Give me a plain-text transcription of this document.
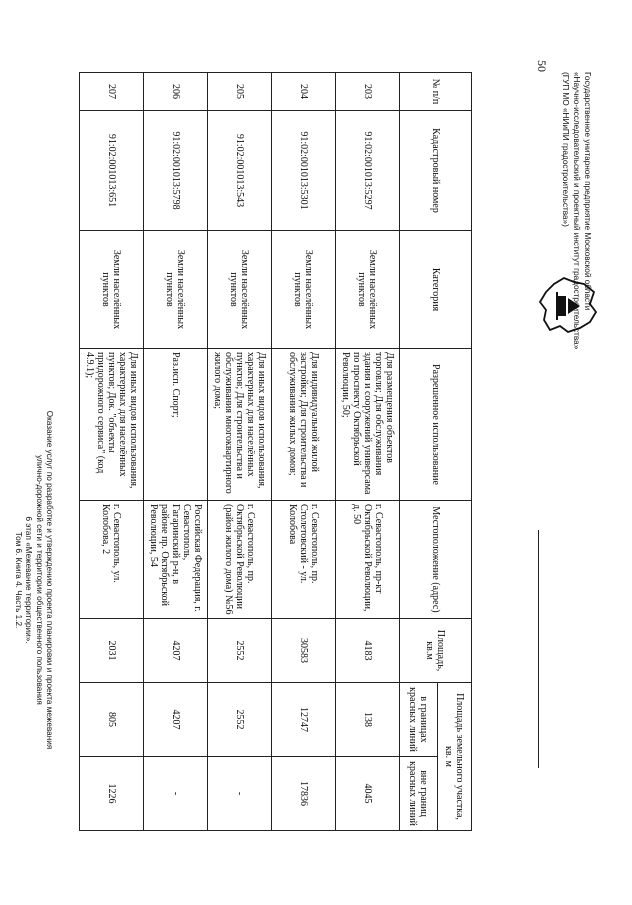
50
Оказание услуг по разработке и утверждению проекта планировки и проекта межевания
улично-дорожной сети и территории общественного пользования
6 этап «Межевание территории».
Том 6. Книга 4. Часть 1.2.
№ п/п	Кадастровый номер	Категория	Разрешенное использование	Местоположение (адрес)	Площадь, кв.м	Площадь земельного участка, кв. м	
						в границах красных линий	вне границ красных линий
203	91:02:001013:5297	Земли населённых пунктов	Для размещения объектов торговли; Для обслуживания здания и сооружений универсама по проспекту Октябрьской Революции, 50;	г. Севастополь, пр-кт Октябрьской Революции, д. 50	4183	138	4045
204	91:02:001013:5301	Земли населённых пунктов	Для индивидуальной жилой застройки; Для строительства и обслуживания жилых домов;	г. Севастополь, пр. Столетовский - ул. Колобова	30583	12747	17836
205	91:02:001013:543	Земли населённых пунктов	Для иных видов использования, характерных для населённых пунктов; Для строительства и обслуживания многоквартирного жилого дома;	г. Севастополь, пр. Октябрьской Революции (район жилого дома) №56	2552	2552	-
206	91:02:001013:5798	Земли населённых пунктов	Раз.исп. Спорт;	Российская Федерация, г. Севастополь, Гагаринский р-н, в районе пр. Октябрьской Революции, 54	4207	4207	-
207	91:02:001013:651	Земли населённых пунктов	Для иных видов использования, характерных для населённых пунктов; Док. "объекты придорожного сервиса" (код 4.9.1);	г. Севастополь, ул. Колобова, 2	2031	805	1226
Государственное унитарное предприятие Московской области
«Научно-исследовательский и проектный институт градостроительства»
(ГУП МО «НИиПИ градостроительства»)
